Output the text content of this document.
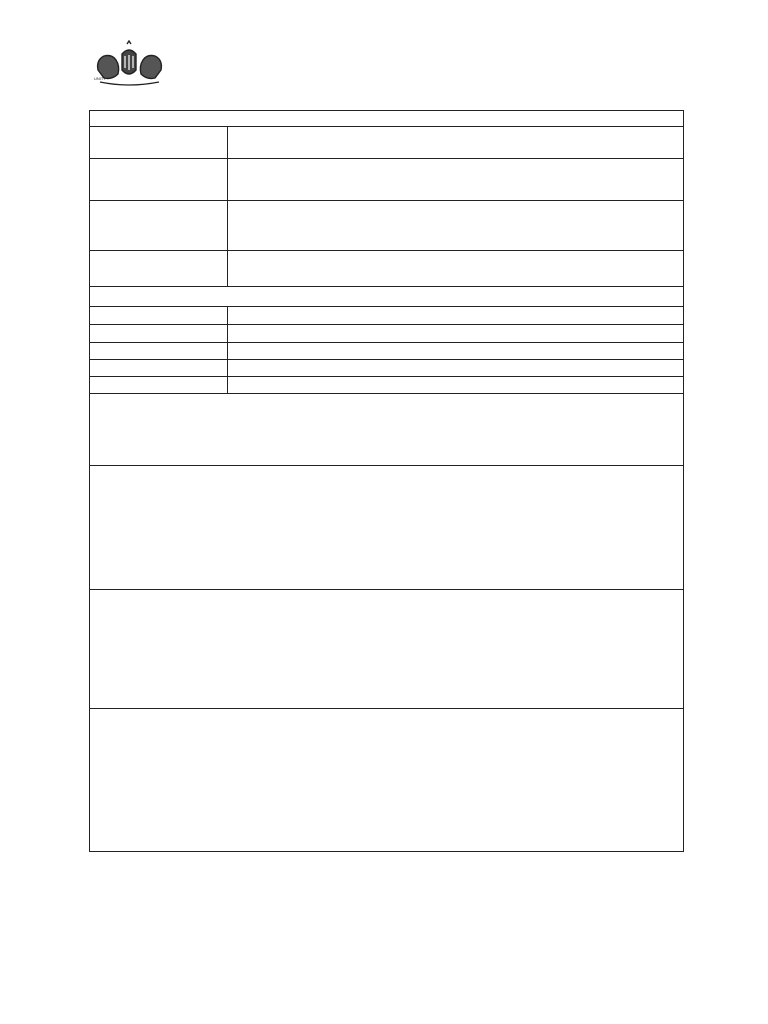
UNITY
